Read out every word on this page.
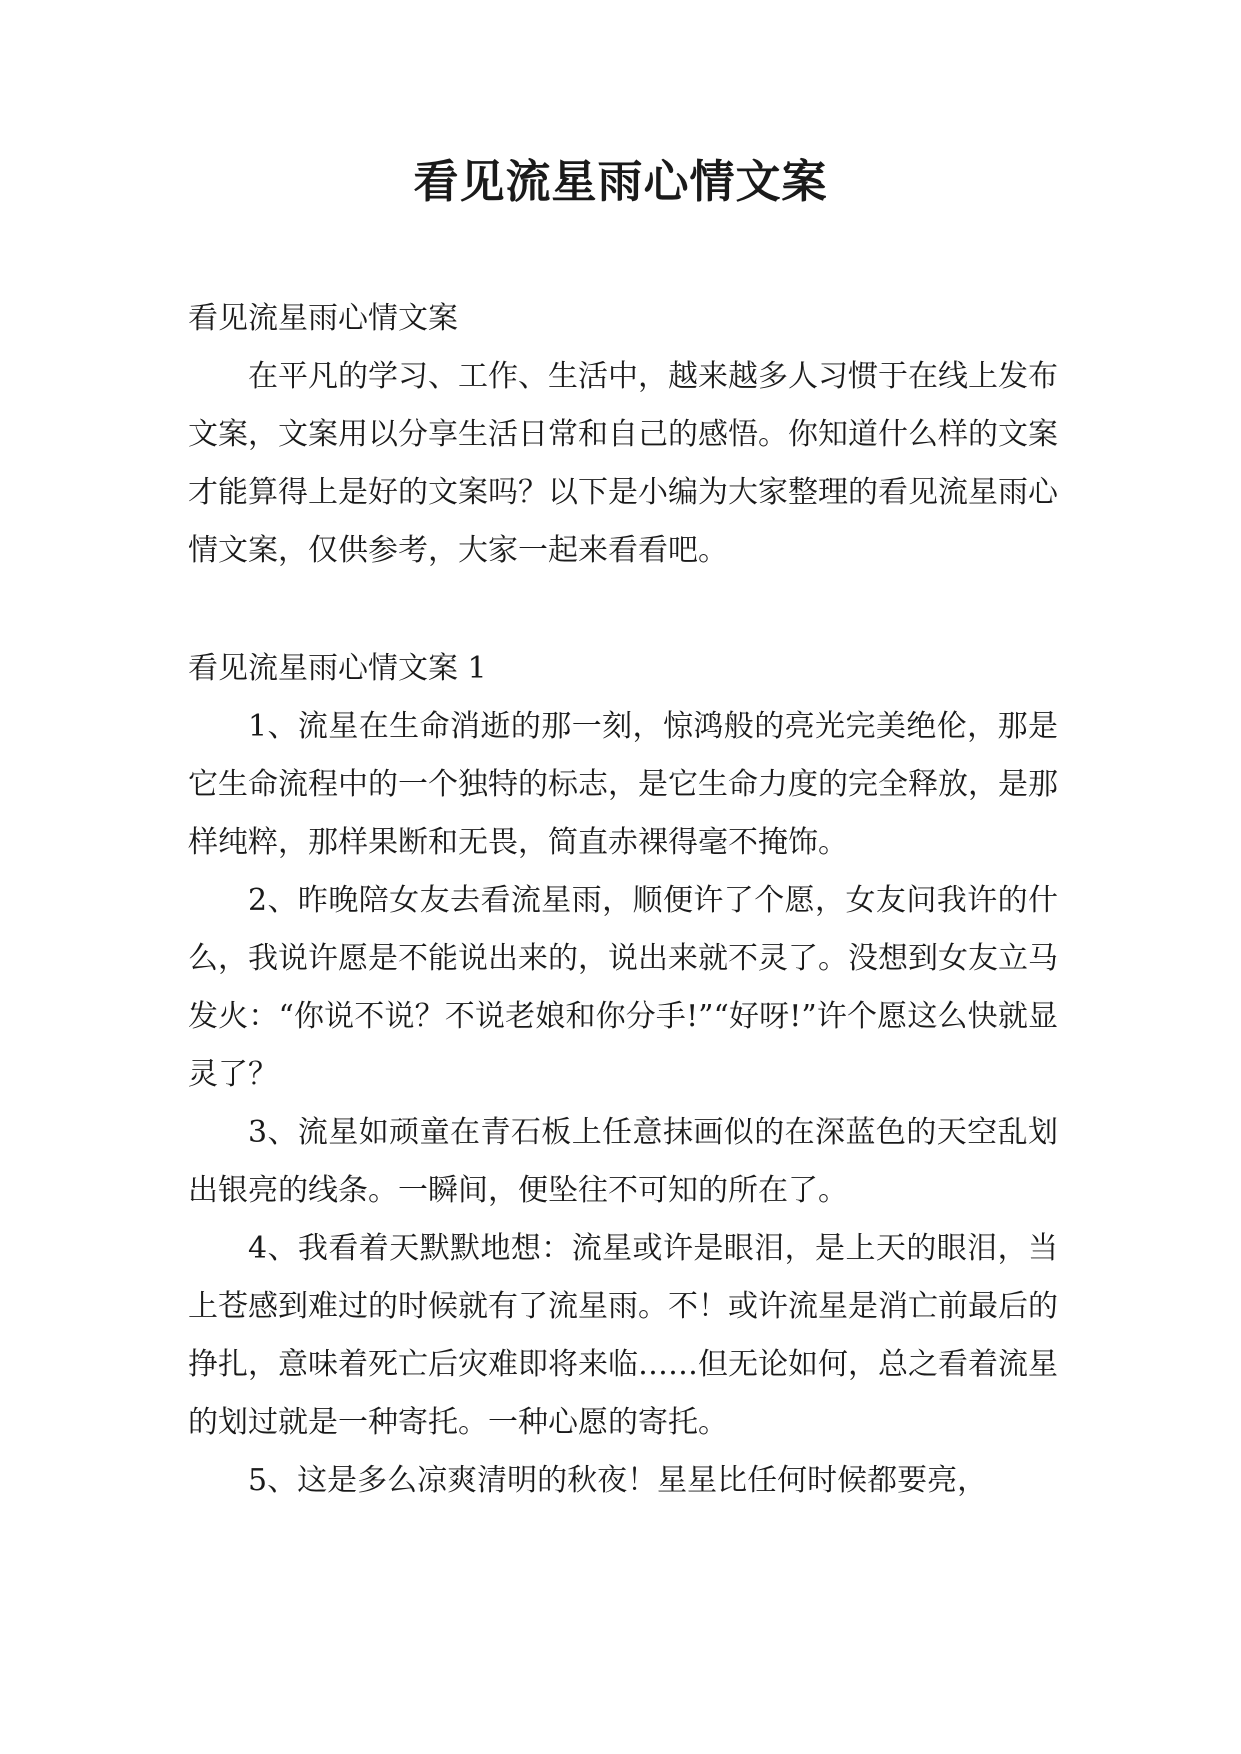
看见流星雨心情文案

看见流星雨心情文案

在平凡的学习、工作、生活中，越来越多人习惯于在线上发布文案，文案用以分享生活日常和自己的感悟。你知道什么样的文案才能算得上是好的文案吗？以下是小编为大家整理的看见流星雨心情文案，仅供参考，大家一起来看看吧。

看见流星雨心情文案 1

1、流星在生命消逝的那一刻，惊鸿般的亮光完美绝伦，那是它生命流程中的一个独特的标志，是它生命力度的完全释放，是那样纯粹，那样果断和无畏，简直赤裸得毫不掩饰。

2、昨晚陪女友去看流星雨，顺便许了个愿，女友问我许的什么，我说许愿是不能说出来的，说出来就不灵了。没想到女友立马发火：“你说不说？不说老娘和你分手!”“好呀!”许个愿这么快就显灵了？

3、流星如顽童在青石板上任意抹画似的在深蓝色的天空乱划出银亮的线条。一瞬间，便坠往不可知的所在了。

4、我看着天默默地想：流星或许是眼泪，是上天的眼泪，当上苍感到难过的时候就有了流星雨。不！或许流星是消亡前最后的挣扎，意味着死亡后灾难即将来临……但无论如何，总之看着流星的划过就是一种寄托。一种心愿的寄托。

5、这是多么凉爽清明的秋夜！星星比任何时候都要亮，
